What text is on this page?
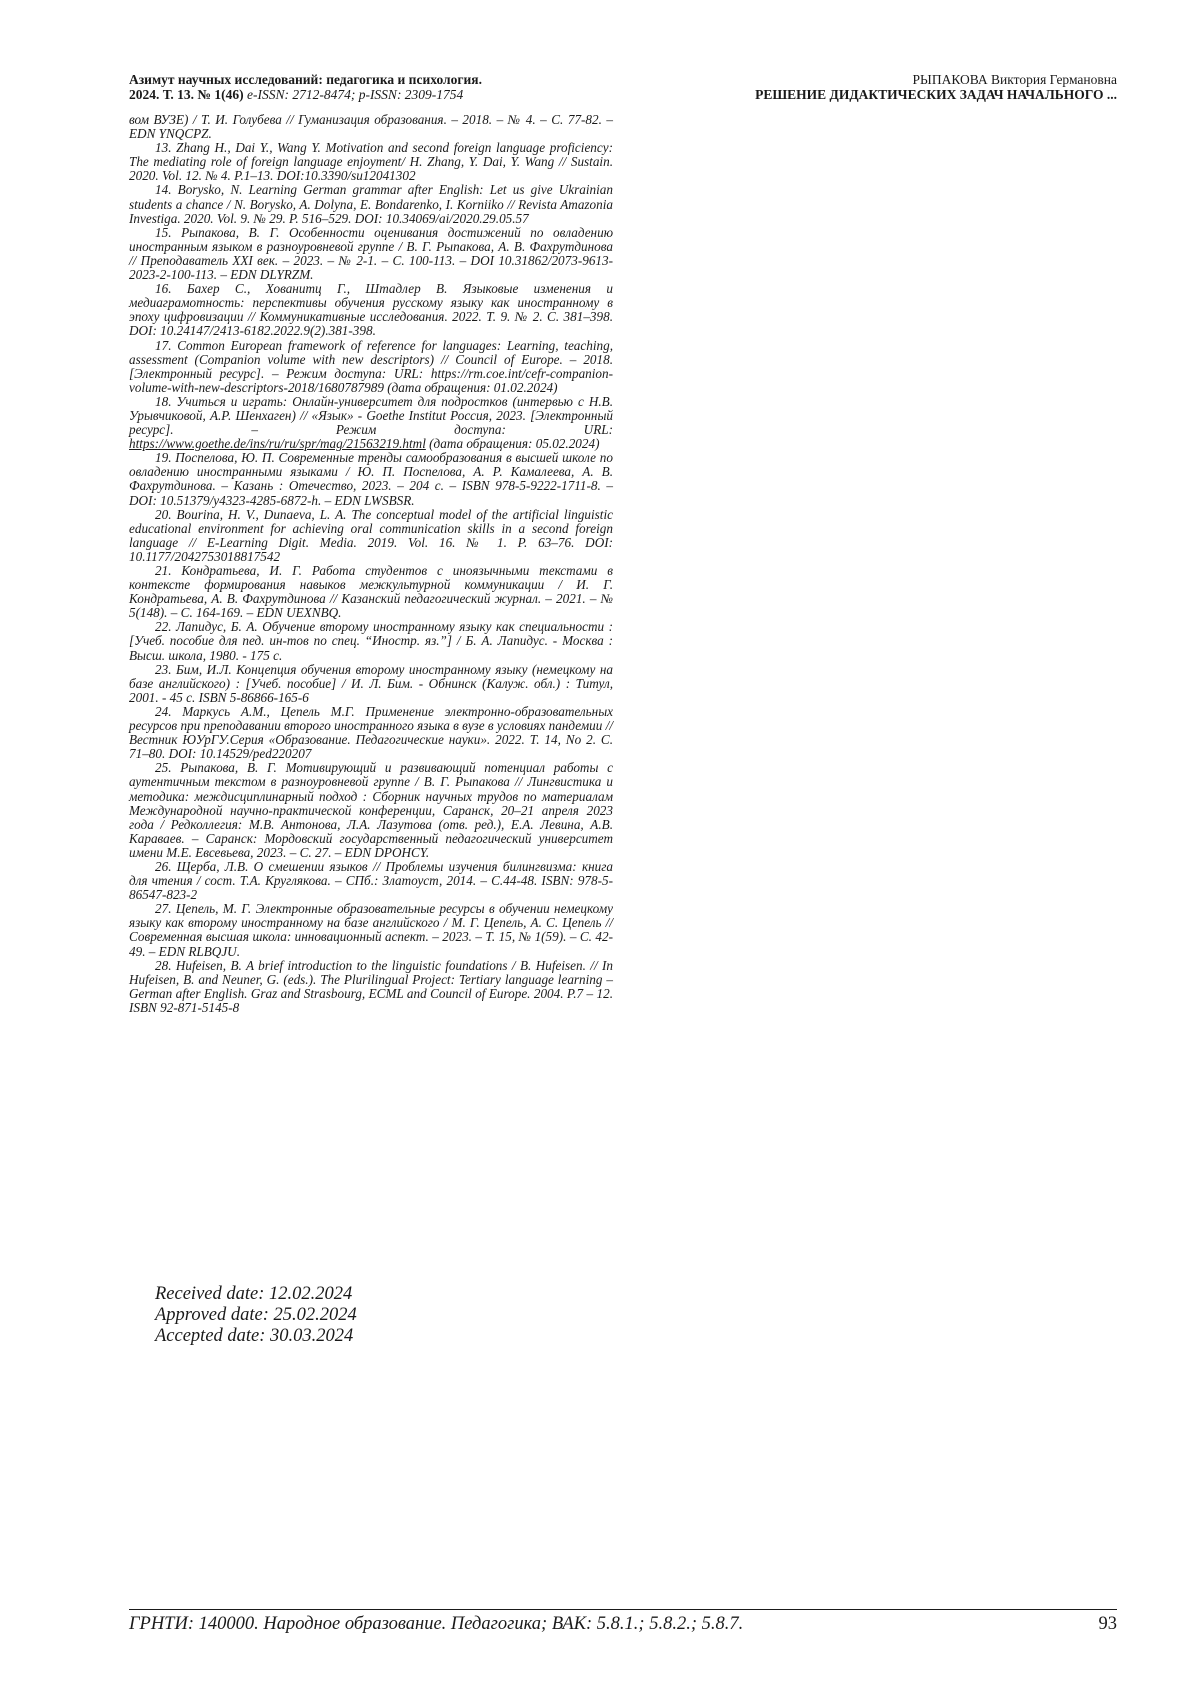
Азимут научных исследований: педагогика и психология.
2024. Т. 13. № 1(46) e-ISSN: 2712-8474; p-ISSN: 2309-1754
РЫПАКОВА Виктория Германовна
РЕШЕНИЕ ДИДАКТИЧЕСКИХ ЗАДАЧ НАЧАЛЬНОГО ...

вом ВУЗЕ) / Т. И. Голубева // Гуманизация образования. – 2018. – № 4. – С. 77-82. – EDN YNQCPZ.

13. Zhang H., Dai Y., Wang Y. Motivation and second foreign language proficiency: The mediating role of foreign language enjoyment/ H. Zhang, Y. Dai, Y. Wang // Sustain. 2020. Vol. 12. № 4. P.1–13. DOI:10.3390/su12041302

14. Borysko, N. Learning German grammar after English: Let us give Ukrainian students a chance / N. Borysko, A. Dolyna, E. Bondarenko, I. Korniiko // Revista Amazonia Investiga. 2020. Vol. 9. № 29. P. 516–529. DOI: 10.34069/ai/2020.29.05.57

15. Рыпакова, В. Г. Особенности оценивания достижений по овладению иностранным языком в разноуровневой группе / В. Г. Рыпакова, А. В. Фахрутдинова // Преподаватель XXI век. – 2023. – № 2-1. – С. 100-113. – DOI 10.31862/2073-9613-2023-2-100-113. – EDN DLYRZM.

16. Бахер С., Хованитц Г., Штадлер В. Языковые изменения и медиаграмотность: перспективы обучения русскому языку как иностранному в эпоху цифровизации // Коммуникативные исследования. 2022. Т. 9. № 2. С. 381–398. DOI: 10.24147/2413-6182.2022.9(2).381-398.

17. Common European framework of reference for languages: Learning, teaching, assessment (Companion volume with new descriptors) // Council of Europe. – 2018. [Электронный ресурс]. – Режим доступа: URL: https://rm.coe.int/cefr-companion-volume-with-new-descriptors-2018/1680787989 (дата обращения: 01.02.2024)

18. Учиться и играть: Онлайн-университет для подростков (интервью с Н.В. Урывчиковой, А.Р. Шенхаген) // «Язык» - Goethe Institut Россия, 2023. [Электронный ресурс]. – Режим доступа: URL: https://www.goethe.de/ins/ru/ru/spr/mag/21563219.html (дата обращения: 05.02.2024)

19. Поспелова, Ю. П. Современные тренды самообразования в высшей школе по овладению иностранными языками / Ю. П. Поспелова, А. Р. Камалеева, А. В. Фахрутдинова. – Казань : Отечество, 2023. – 204 с. – ISBN 978-5-9222-1711-8. – DOI: 10.51379/y4323-4285-6872-h. – EDN LWSBSR.

20. Bourina, H. V., Dunaeva, L. A. The conceptual model of the artificial linguistic educational environment for achieving oral communication skills in a second foreign language // E-Learning Digit. Media. 2019. Vol. 16. № 1. P. 63–76. DOI: 10.1177/2042753018817542

21. Кондратьева, И. Г. Работа студентов с иноязычными текстами в контексте формирования навыков межкультурной коммуникации / И. Г. Кондратьева, А. В. Фахрутдинова // Казанский педагогический журнал. – 2021. – № 5(148). – С. 164-169. – EDN UEXNBQ.

22. Лапидус, Б. А. Обучение второму иностранному языку как специальности : [Учеб. пособие для пед. ин-тов по спец. “Иностр. яз.”] / Б. А. Лапидус. - Москва : Высш. школа, 1980. - 175 с.

23. Бим, И.Л. Концепция обучения второму иностранному языку (немецкому на базе английского) : [Учеб. пособие] / И. Л. Бим. - Обнинск (Калуж. обл.) : Титул, 2001. - 45 с. ISBN 5-86866-165-6

24. Маркусь А.М., Цепель М.Г. Применение электронно-образовательных ресурсов при преподавании второго иностранного языка в вузе в условиях пандемии // Вестник ЮУрГУ.Серия «Образование. Педагогические науки». 2022. Т. 14, No 2. С. 71–80. DOI: 10.14529/ped220207

25. Рыпакова, В. Г. Мотивирующий и развивающий потенциал работы с аутентичным текстом в разноуровневой группе / В. Г. Рыпакова // Лингвистика и методика: междисциплинарный подход : Сборник научных трудов по материалам Международной научно-практической конференции, Саранск, 20–21 апреля 2023 года / Редколлегия: М.В. Антонова, Л.А. Лазутова (отв. ред.), Е.А. Левина, А.В. Караваев. – Саранск: Мордовский государственный педагогический университет имени М.Е. Евсевьева, 2023. – С. 27. – EDN DPOHCY.

26. Щерба, Л.В. О смешении языков // Проблемы изучения билингвизма: книга для чтения / сост. Т.А. Круглякова. – СПб.: Златоуст, 2014. – С.44-48. ISBN: 978-5-86547-823-2

27. Цепель, М. Г. Электронные образовательные ресурсы в обучении немецкому языку как второму иностранному на базе английского / М. Г. Цепель, А. С. Цепель // Современная высшая школа: инновационный аспект. – 2023. – Т. 15, № 1(59). – С. 42-49. – EDN RLBQJU.

28. Hufeisen, B. A brief introduction to the linguistic foundations / B. Hufeisen. // In Hufeisen, B. and Neuner, G. (eds.). The Plurilingual Project: Tertiary language learning – German after English. Graz and Strasbourg, ECML and Council of Europe. 2004. P.7 – 12. ISBN 92-871-5145-8

Received date: 12.02.2024
Approved date: 25.02.2024
Accepted date: 30.03.2024
ГРНТИ: 140000. Народное образование. Педагогика; ВАК: 5.8.1.; 5.8.2.; 5.8.7.	93
